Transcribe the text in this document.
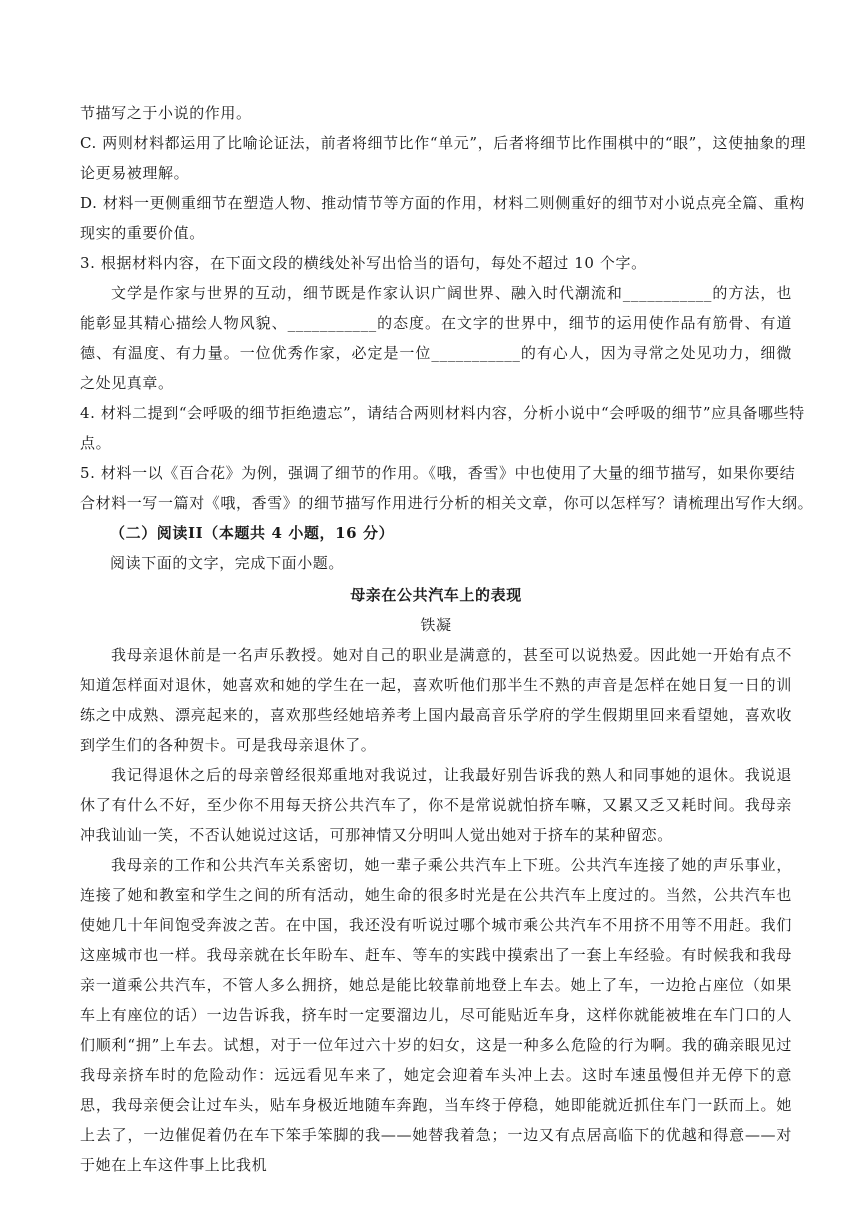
节描写之于小说的作用。
C. 两则材料都运用了比喻论证法，前者将细节比作“单元”，后者将细节比作围棋中的“眼”，这使抽象的理
论更易被理解。
D. 材料一更侧重细节在塑造人物、推动情节等方面的作用，材料二则侧重好的细节对小说点亮全篇、重构
现实的重要价值。
3. 根据材料内容，在下面文段的横线处补写出恰当的语句，每处不超过 10 个字。

文学是作家与世界的互动，细节既是作家认识广阔世界、融入时代潮流和___________的方法，也能彰显其精心描绘人物风貌、___________的态度。在文字的世界中，细节的运用使作品有筋骨、有道德、有温度、有力量。一位优秀作家，必定是一位___________的有心人，因为寻常之处见功力，细微之处见真章。

4. 材料二提到“会呼吸的细节拒绝遗忘”，请结合两则材料内容，分析小说中“会呼吸的细节”应具备哪些特
点。
5. 材料一以《百合花》为例，强调了细节的作用。《哦，香雪》中也使用了大量的细节描写，如果你要结
合材料一写一篇对《哦，香雪》的细节描写作用进行分析的相关文章，你可以怎样写？请梳理出写作大纲。
（二）阅读II（本题共 4 小题，16 分）
阅读下面的文字，完成下面小题。
母亲在公共汽车上的表现
铁凝

我母亲退休前是一名声乐教授。她对自己的职业是满意的，甚至可以说热爱。因此她一开始有点不知道怎样面对退休，她喜欢和她的学生在一起，喜欢听他们那半生不熟的声音是怎样在她日复一日的训练之中成熟、漂亮起来的，喜欢那些经她培养考上国内最高音乐学府的学生假期里回来看望她，喜欢收到学生们的各种贺卡。可是我母亲退休了。

我记得退休之后的母亲曾经很郑重地对我说过，让我最好别告诉我的熟人和同事她的退休。我说退休了有什么不好，至少你不用每天挤公共汽车了，你不是常说就怕挤车嘛，又累又乏又耗时间。我母亲冲我讪讪一笑，不否认她说过这话，可那神情又分明叫人觉出她对于挤车的某种留恋。

我母亲的工作和公共汽车关系密切，她一辈子乘公共汽车上下班。公共汽车连接了她的声乐事业，连接了她和教室和学生之间的所有活动，她生命的很多时光是在公共汽车上度过的。当然，公共汽车也使她几十年间饱受奔波之苦。在中国，我还没有听说过哪个城市乘公共汽车不用挤不用等不用赶。我们这座城市也一样。我母亲就在长年盼车、赶车、等车的实践中摸索出了一套上车经验。有时候我和我母亲一道乘公共汽车，不管人多么拥挤，她总是能比较靠前地登上车去。她上了车，一边抢占座位（如果车上有座位的话）一边告诉我，挤车时一定要溜边儿，尽可能贴近车身，这样你就能被堆在车门口的人们顺利“拥”上车去。试想，对于一位年过六十岁的妇女，这是一种多么危险的行为啊。我的确亲眼见过我母亲挤车时的危险动作：远远看见车来了，她定会迎着车头冲上去。这时车速虽慢但并无停下的意思，我母亲便会让过车头，贴车身极近地随车奔跑，当车终于停稳，她即能就近抓住车门一跃而上。她上去了，一边催促着仍在车下笨手笨脚的我——她替我着急；一边又有点居高临下的优越和得意——对于她在上车这件事上比我机
